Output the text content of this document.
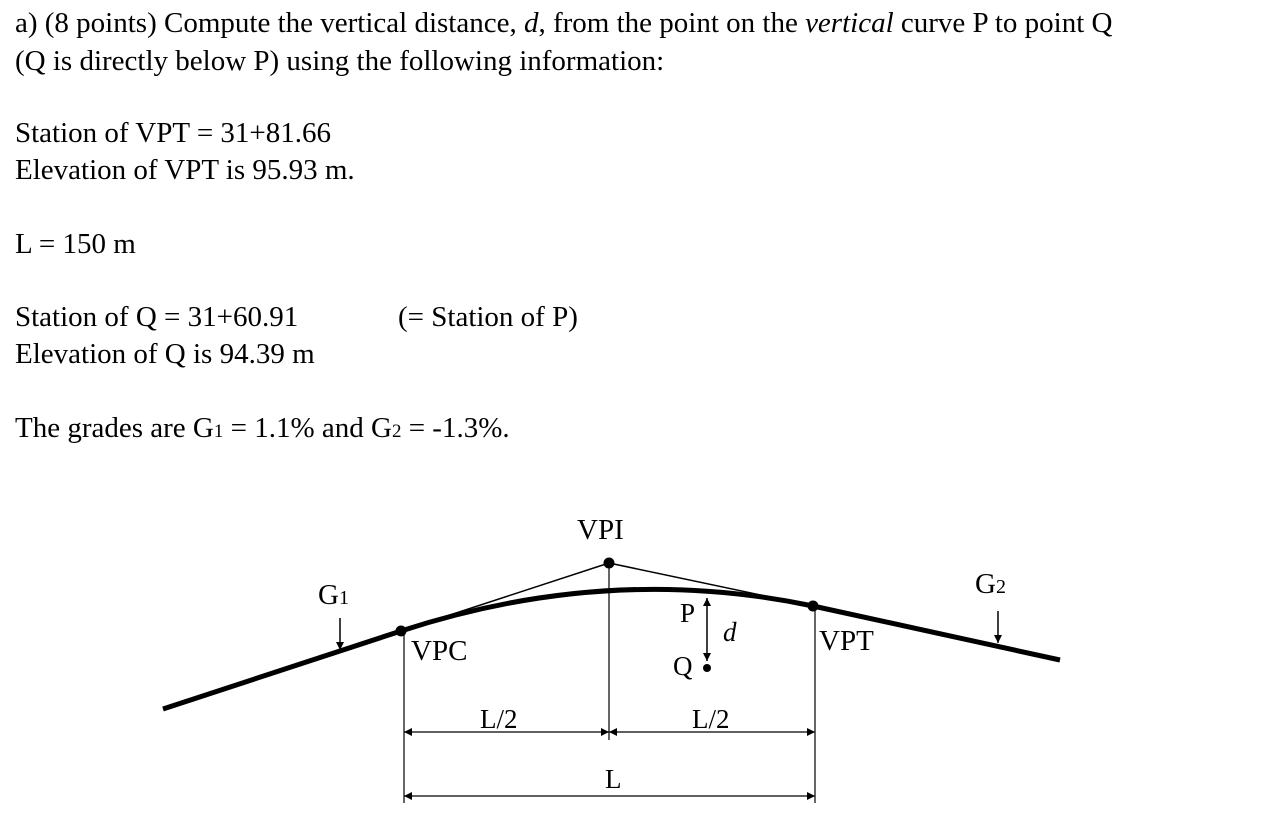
a) (8 points) Compute the vertical distance, d, from the point on the vertical curve P to point Q
(Q is directly below P) using the following information:
Station of VPT = 31+81.66
Elevation of VPT is 95.93 m.
L = 150 m
Station of Q = 31+60.91	(= Station of P)
Elevation of Q is 94.39 m
The grades are G1 = 1.1% and G2 = -1.3%.
VPI
VPC	VPT
G1	G2
P
Q
d
L/2	L/2
L
